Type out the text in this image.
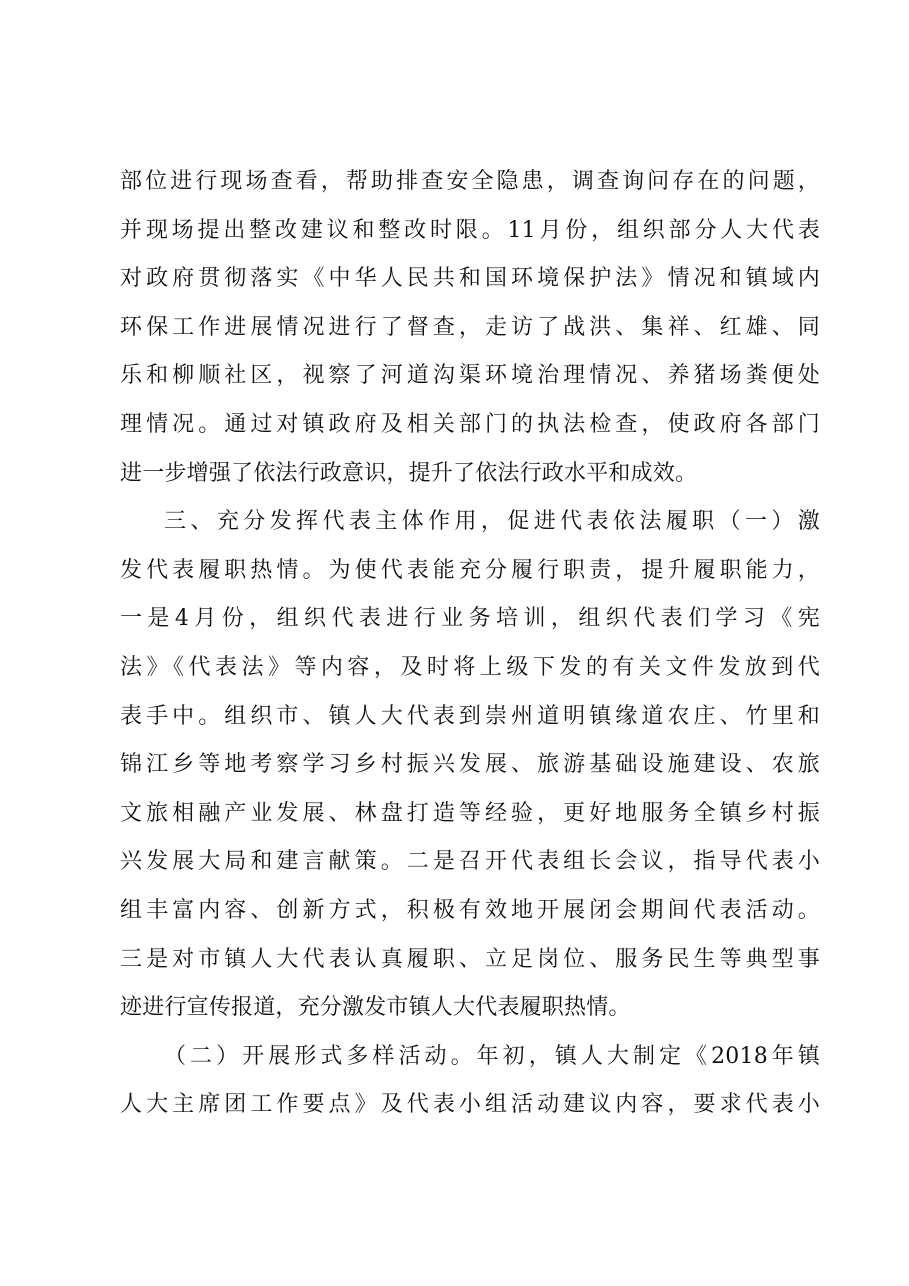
部位进行现场查看，帮助排查安全隐患，调查询问存在的问题，
并现场提出整改建议和整改时限。11月份，组织部分人大代表
对政府贯彻落实《中华人民共和国环境保护法》情况和镇域内
环保工作进展情况进行了督查，走访了战洪、集祥、红雄、同
乐和柳顺社区，视察了河道沟渠环境治理情况、养猪场粪便处
理情况。通过对镇政府及相关部门的执法检查，使政府各部门
进一步增强了依法行政意识，提升了依法行政水平和成效。
三、充分发挥代表主体作用，促进代表依法履职（一）激
发代表履职热情。为使代表能充分履行职责，提升履职能力，
一是4月份，组织代表进行业务培训，组织代表们学习《宪
法》《代表法》等内容，及时将上级下发的有关文件发放到代
表手中。组织市、镇人大代表到崇州道明镇缘道农庄、竹里和
锦江乡等地考察学习乡村振兴发展、旅游基础设施建设、农旅
文旅相融产业发展、林盘打造等经验，更好地服务全镇乡村振
兴发展大局和建言献策。二是召开代表组长会议，指导代表小
组丰富内容、创新方式，积极有效地开展闭会期间代表活动。
三是对市镇人大代表认真履职、立足岗位、服务民生等典型事
迹进行宣传报道，充分激发市镇人大代表履职热情。
（二）开展形式多样活动。年初，镇人大制定《2018年镇
人大主席团工作要点》及代表小组活动建议内容，要求代表小
